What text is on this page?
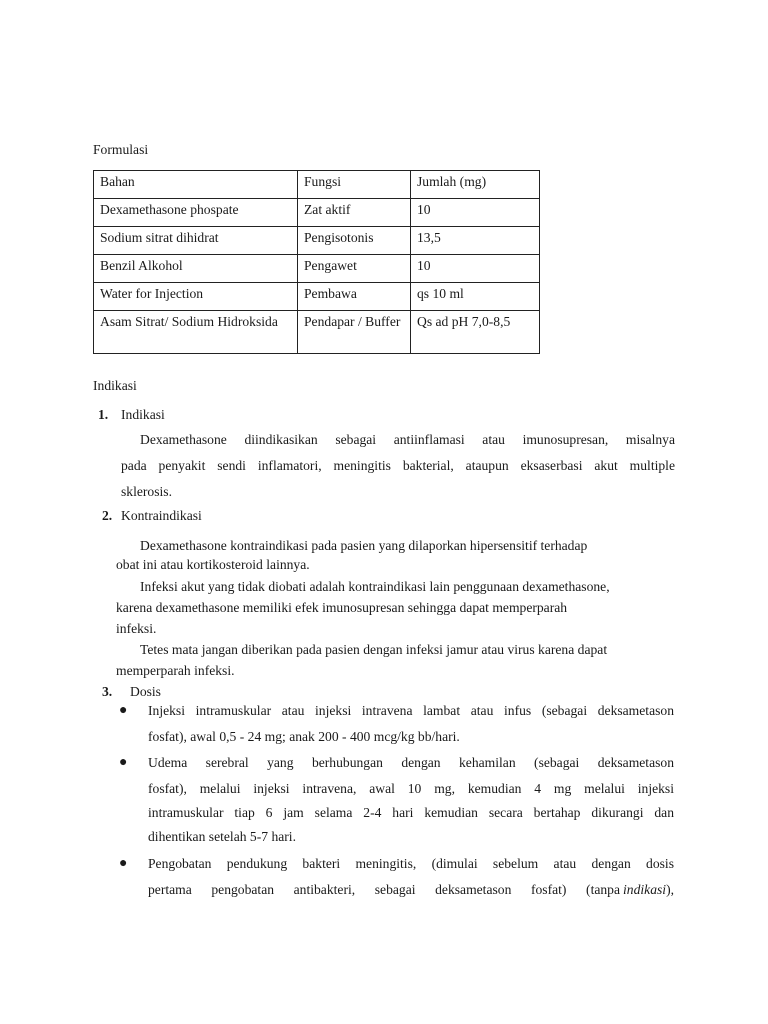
Formulasi
Bahan	Fungsi	Jumlah (mg)
Dexamethasone phospate	Zat aktif	10
Sodium sitrat dihidrat	Pengisotonis	13,5
Benzil Alkohol	Pengawet	10
Water for Injection	Pembawa	qs 10 ml
Asam Sitrat/ Sodium Hidroksida	Pendapar / Buffer	Qs ad pH 7,0-8,5
Indikasi
1. Indikasi
Dexamethasone diindikasikan sebagai antiinflamasi atau imunosupresan, misalnya
pada penyakit sendi inflamatori, meningitis bakterial, ataupun eksaserbasi akut multiple
sklerosis.
2. Kontraindikasi
Dexamethasone kontraindikasi pada pasien yang dilaporkan hipersensitif terhadap
obat ini atau kortikosteroid lainnya.
Infeksi akut yang tidak diobati adalah kontraindikasi lain penggunaan dexamethasone,
karena dexamethasone memiliki efek imunosupresan sehingga dapat memperparah
infeksi.
Tetes mata jangan diberikan pada pasien dengan infeksi jamur atau virus karena dapat
memperparah infeksi.
3. Dosis
● Injeksi intramuskular atau injeksi intravena lambat atau infus (sebagai deksametason
fosfat), awal 0,5 - 24 mg; anak 200 - 400 mcg/kg bb/hari.
● Udema serebral yang berhubungan dengan kehamilan (sebagai deksametason
fosfat), melalui injeksi intravena, awal 10 mg, kemudian 4 mg melalui injeksi
intramuskular tiap 6 jam selama 2-4 hari kemudian secara bertahap dikurangi dan
dihentikan setelah 5-7 hari.
● Pengobatan pendukung bakteri meningitis, (dimulai sebelum atau dengan dosis
pertama pengobatan antibakteri, sebagai deksametason fosfat) (tanpa indikasi),
